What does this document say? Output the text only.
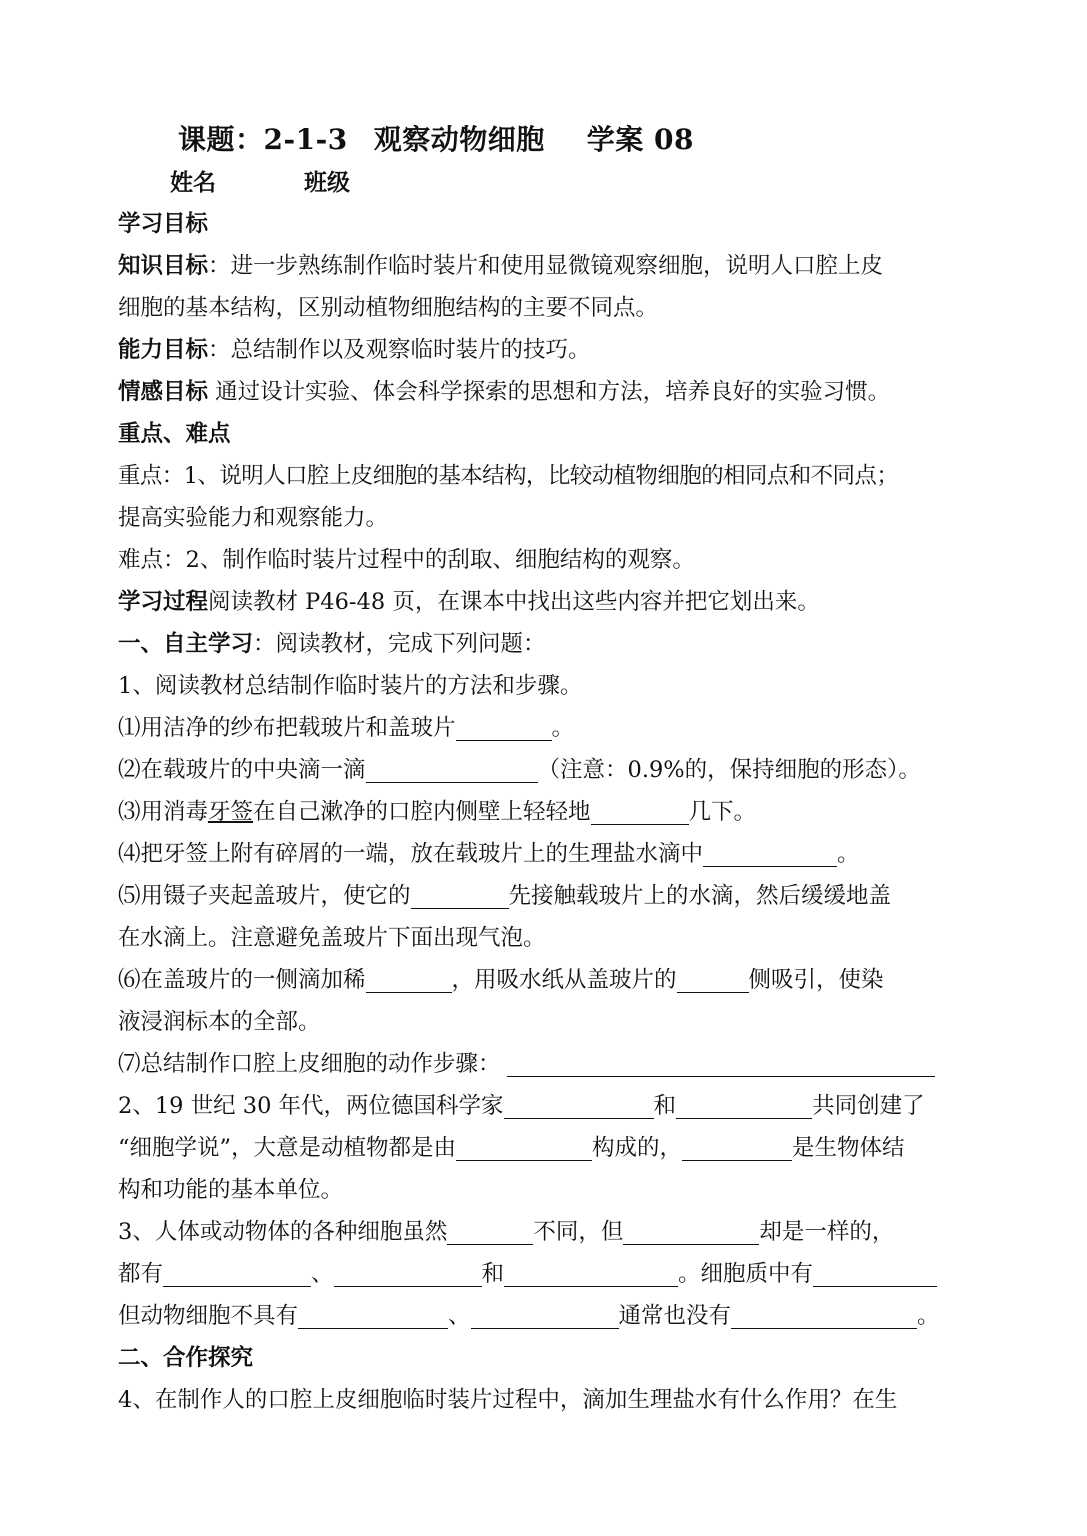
课题：2-1-3 观察动物细胞 学案 08
姓名	班级
学习目标
知识目标：进一步熟练制作临时装片和使用显微镜观察细胞，说明人口腔上皮
细胞的基本结构，区别动植物细胞结构的主要不同点。
能力目标：总结制作以及观察临时装片的技巧。
情感目标 通过设计实验、体会科学探索的思想和方法，培养良好的实验习惯。
重点、难点
重点：1、说明人口腔上皮细胞的基本结构，比较动植物细胞的相同点和不同点；
提高实验能力和观察能力。
难点：2、制作临时装片过程中的刮取、细胞结构的观察。
学习过程阅读教材 P46-48 页，在课本中找出这些内容并把它划出来。
一、自主学习：阅读教材，完成下列问题：
1、阅读教材总结制作临时装片的方法和步骤。
⑴用洁净的纱布把载玻片和盖玻片	。
⑵在载玻片的中央滴一滴	（注意：0.9%的，保持细胞的形态）。
⑶用消毒牙签在自己漱净的口腔内侧壁上轻轻地	几下。
⑷把牙签上附有碎屑的一端，放在载玻片上的生理盐水滴中	。
⑸用镊子夹起盖玻片，使它的	先接触载玻片上的水滴，然后缓缓地盖
在水滴上。注意避免盖玻片下面出现气泡。
⑹在盖玻片的一侧滴加稀	，用吸水纸从盖玻片的	侧吸引，使染
液浸润标本的全部。
⑺总结制作口腔上皮细胞的动作步骤：
2、19 世纪 30 年代，两位德国科学家	和	共同创建了
“细胞学说”，大意是动植物都是由	构成的，	是生物体结
构和功能的基本单位。
3、人体或动物体的各种细胞虽然	不同，但	却是一样的，
都有	、	和	。细胞质中有
但动物细胞不具有	、	通常也没有	。
二、合作探究
4、在制作人的口腔上皮细胞临时装片过程中，滴加生理盐水有什么作用？在生
